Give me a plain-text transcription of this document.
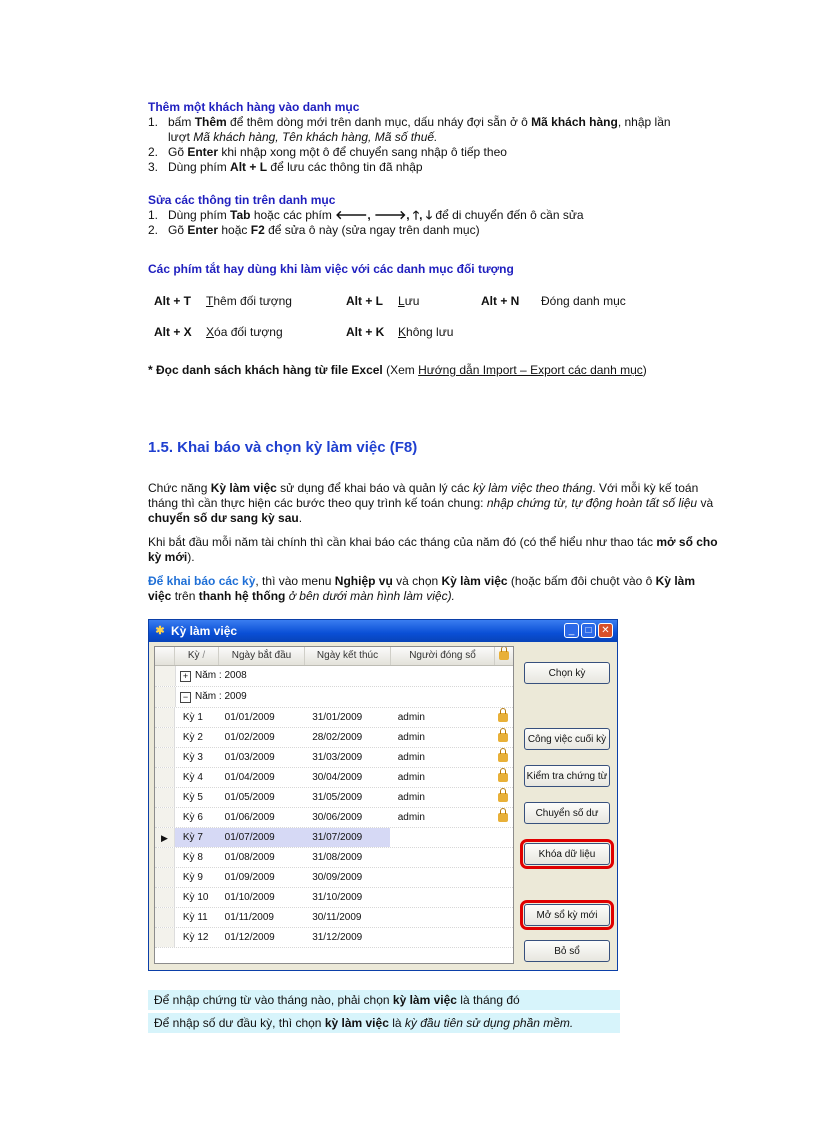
Thêm một khách hàng vào danh mục
1. bấm Thêm để thêm dòng mới trên danh mục, dấu nháy đợi sẵn ở ô Mã khách hàng, nhập lần
lượt Mã khách hàng, Tên khách hàng, Mã số thuế.
2. Gõ Enter khi nhập xong một ô để chuyển sang nhập ô tiếp theo
3. Dùng phím Alt + L để lưu các thông tin đã nhập
Sửa các thông tin trên danh mục
1. Dùng phím Tab hoặc các phím 🡐, 🡒, 🡑, 🡓 để di chuyển đến ô cần sửa
2. Gõ Enter hoặc F2 để sửa ô này (sửa ngay trên danh mục)
Các phím tắt hay dùng khi làm việc với các danh mục đối tượng
Alt + T	Thêm đối tượng	Alt + L	Lưu	Alt + N	Đóng danh mục
Alt + X	Xóa đối tượng	Alt + K	Không lưu
* Đọc danh sách khách hàng từ file Excel (Xem Hướng dẫn Import – Export các danh mục)
1.5. Khai báo và chọn kỳ làm việc (F8)
Chức năng Kỳ làm việc sử dụng để khai báo và quản lý các kỳ làm việc theo tháng. Với mỗi kỳ kế toán tháng thì cần thực hiện các bước theo quy trình kế toán chung: nhập chứng từ, tự động hoàn tất số liệu và chuyển số dư sang kỳ sau.
Khi bắt đầu mỗi năm tài chính thì cần khai báo các tháng của năm đó (có thể hiểu như thao tác mở sổ cho kỳ mới).
Để khai báo các kỳ, thì vào menu Nghiệp vụ và chọn Kỳ làm việc (hoặc bấm đôi chuột vào ô Kỳ làm việc trên thanh hệ thống ở bên dưới màn hình làm việc).
✱ Kỳ làm việc	_	□ ✕
Kỳ /	Ngày bắt đầu	Ngày kết thúc	Người đóng sổ
+ Năm : 2008
− Năm : 2009
Kỳ 1	01/01/2009	31/01/2009	admin
Kỳ 2	01/02/2009	28/02/2009	admin
Kỳ 3	01/03/2009	31/03/2009	admin
Kỳ 4	01/04/2009	30/04/2009	admin
Kỳ 5	01/05/2009	31/05/2009	admin
Kỳ 6	01/06/2009	30/06/2009	admin
▶	Kỳ 7	01/07/2009	31/07/2009
Kỳ 8	01/08/2009	31/08/2009
Kỳ 9	01/09/2009	30/09/2009
Kỳ 10	01/10/2009	31/10/2009
Kỳ 11	01/11/2009	30/11/2009
Kỳ 12	01/12/2009	31/12/2009
Chọn kỳ
Công việc cuối kỳ
Kiểm tra chứng từ
Chuyển số dư
Khóa dữ liệu
Mở sổ kỳ mới
Bỏ sổ
Để nhập chứng từ vào tháng nào, phải chọn kỳ làm việc là tháng đó
Để nhập số dư đầu kỳ, thì chọn kỳ làm việc là kỳ đầu tiên sử dụng phần mềm.
